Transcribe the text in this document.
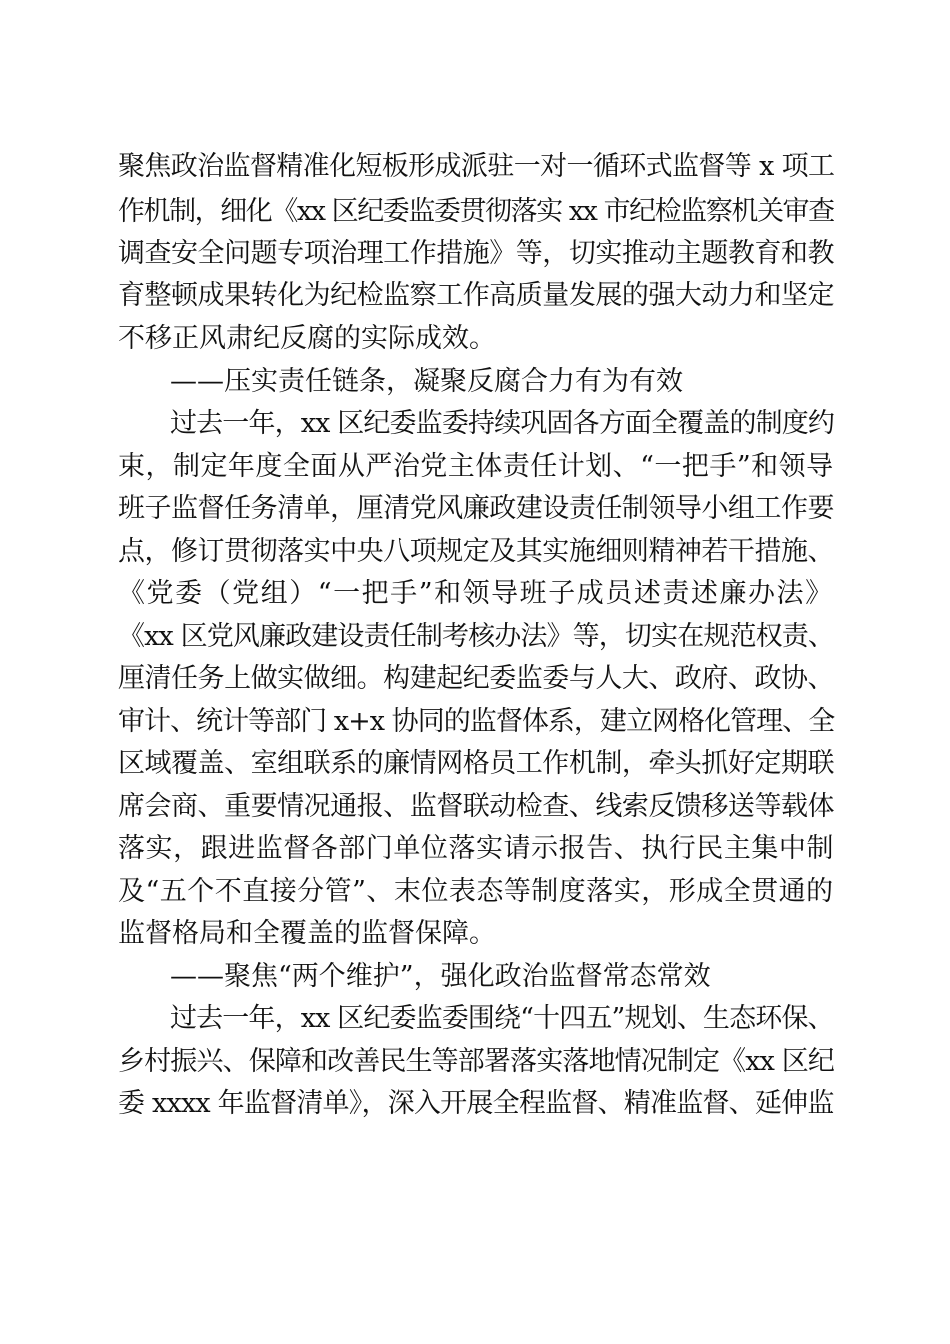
聚焦政治监督精准化短板形成派驻一对一循环式监督等 x 项工
作机制，细化《xx 区纪委监委贯彻落实 xx 市纪检监察机关审查
调查安全问题专项治理工作措施》等，切实推动主题教育和教
育整顿成果转化为纪检监察工作高质量发展的强大动力和坚定
不移正风肃纪反腐的实际成效。
——压实责任链条，凝聚反腐合力有为有效
过去一年，xx 区纪委监委持续巩固各方面全覆盖的制度约
束，制定年度全面从严治党主体责任计划、“一把手”和领导
班子监督任务清单，厘清党风廉政建设责任制领导小组工作要
点，修订贯彻落实中央八项规定及其实施细则精神若干措施、
《党委（党组）“一把手”和领导班子成员述责述廉办法》
《xx 区党风廉政建设责任制考核办法》等，切实在规范权责、
厘清任务上做实做细。构建起纪委监委与人大、政府、政协、
审计、统计等部门 x+x 协同的监督体系，建立网格化管理、全
区域覆盖、室组联系的廉情网格员工作机制，牵头抓好定期联
席会商、重要情况通报、监督联动检查、线索反馈移送等载体
落实，跟进监督各部门单位落实请示报告、执行民主集中制
及“五个不直接分管”、末位表态等制度落实，形成全贯通的
监督格局和全覆盖的监督保障。
——聚焦“两个维护”，强化政治监督常态常效
过去一年，xx 区纪委监委围绕“十四五”规划、生态环保、
乡村振兴、保障和改善民生等部署落实落地情况制定《xx 区纪
委 xxxx 年监督清单》，深入开展全程监督、精准监督、延伸监
